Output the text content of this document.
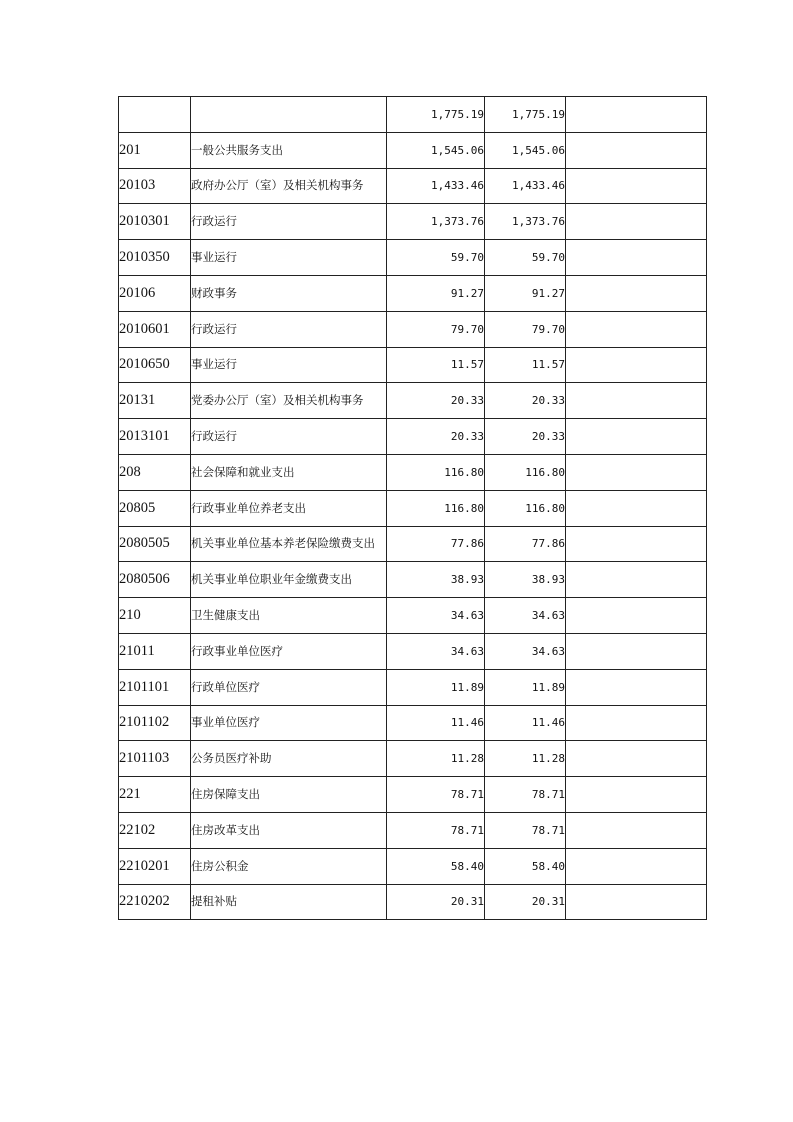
		1,775.19	1,775.19	
201	一般公共服务支出	1,545.06	1,545.06	
20103	政府办公厅（室）及相关机构事务	1,433.46	1,433.46	
2010301	行政运行	1,373.76	1,373.76	
2010350	事业运行	59.70	59.70	
20106	财政事务	91.27	91.27	
2010601	行政运行	79.70	79.70	
2010650	事业运行	11.57	11.57	
20131	党委办公厅（室）及相关机构事务	20.33	20.33	
2013101	行政运行	20.33	20.33	
208	社会保障和就业支出	116.80	116.80	
20805	行政事业单位养老支出	116.80	116.80	
2080505	机关事业单位基本养老保险缴费支出	77.86	77.86	
2080506	机关事业单位职业年金缴费支出	38.93	38.93	
210	卫生健康支出	34.63	34.63	
21011	行政事业单位医疗	34.63	34.63	
2101101	行政单位医疗	11.89	11.89	
2101102	事业单位医疗	11.46	11.46	
2101103	公务员医疗补助	11.28	11.28	
221	住房保障支出	78.71	78.71	
22102	住房改革支出	78.71	78.71	
2210201	住房公积金	58.40	58.40	
2210202	提租补贴	20.31	20.31	
